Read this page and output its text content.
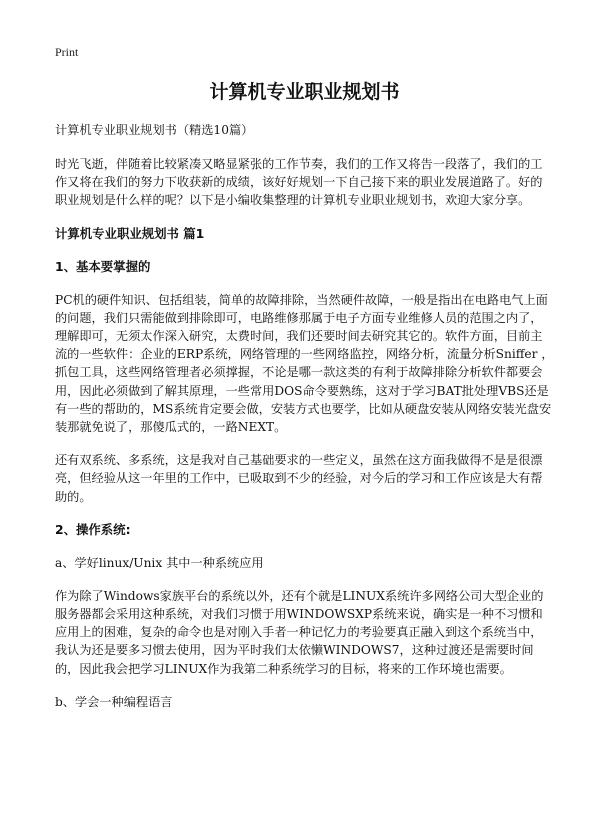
Print
计算机专业职业规划书

计算机专业职业规划书（精选10篇）

时光飞逝，伴随着比较紧凑又略显紧张的工作节奏，我们的工作又将告一段落了，我们的工作又将在我们的努力下收获新的成绩，该好好规划一下自己接下来的职业发展道路了。好的职业规划是什么样的呢？以下是小编收集整理的计算机专业职业规划书，欢迎大家分享。

计算机专业职业规划书 篇1

1、基本要掌握的

PC机的硬件知识、包括组装，简单的故障排除，当然硬件故障，一般是指出在电路电气上面的问题，我们只需能做到排除即可，电路维修那属于电子方面专业维修人员的范围之内了，理解即可，无须太作深入研究，太费时间，我们还要时间去研究其它的。软件方面，目前主流的一些软件：企业的ERP系统，网络管理的一些网络监控，网络分析，流量分析Sniffer ，抓包工具，这些网络管理者必须撑握，不论是哪一款这类的有利于故障排除分析软件都要会用，因此必须做到了解其原理，一些常用DOS命令要熟练，这对于学习BAT批处理VBS还是有一些的帮助的，MS系统肯定要会做，安装方式也要学，比如从硬盘安装从网络安装光盘安装那就免说了，那傻瓜式的，一路NEXT。

还有双系统、多系统，这是我对自己基础要求的一些定义，虽然在这方面我做得不是是很漂亮，但经验从这一年里的工作中，已吸取到不少的经验，对今后的学习和工作应该是大有帮助的。

2、操作系统:

a、学好linux/Unix 其中一种系统应用

作为除了Windows家族平台的系统以外，还有个就是LINUX系统许多网络公司大型企业的服务器都会采用这种系统，对我们习惯于用WINDOWSXP系统来说，确实是一种不习惯和应用上的困难，复杂的命令也是对刚入手者一种记忆力的考验要真正融入到这个系统当中，我认为还是要多习惯去使用，因为平时我们太依懒WINDOWS7，这种过渡还是需要时间的，因此我会把学习LINUX作为我第二种系统学习的目标，将来的工作环境也需要。

b、学会一种编程语言
